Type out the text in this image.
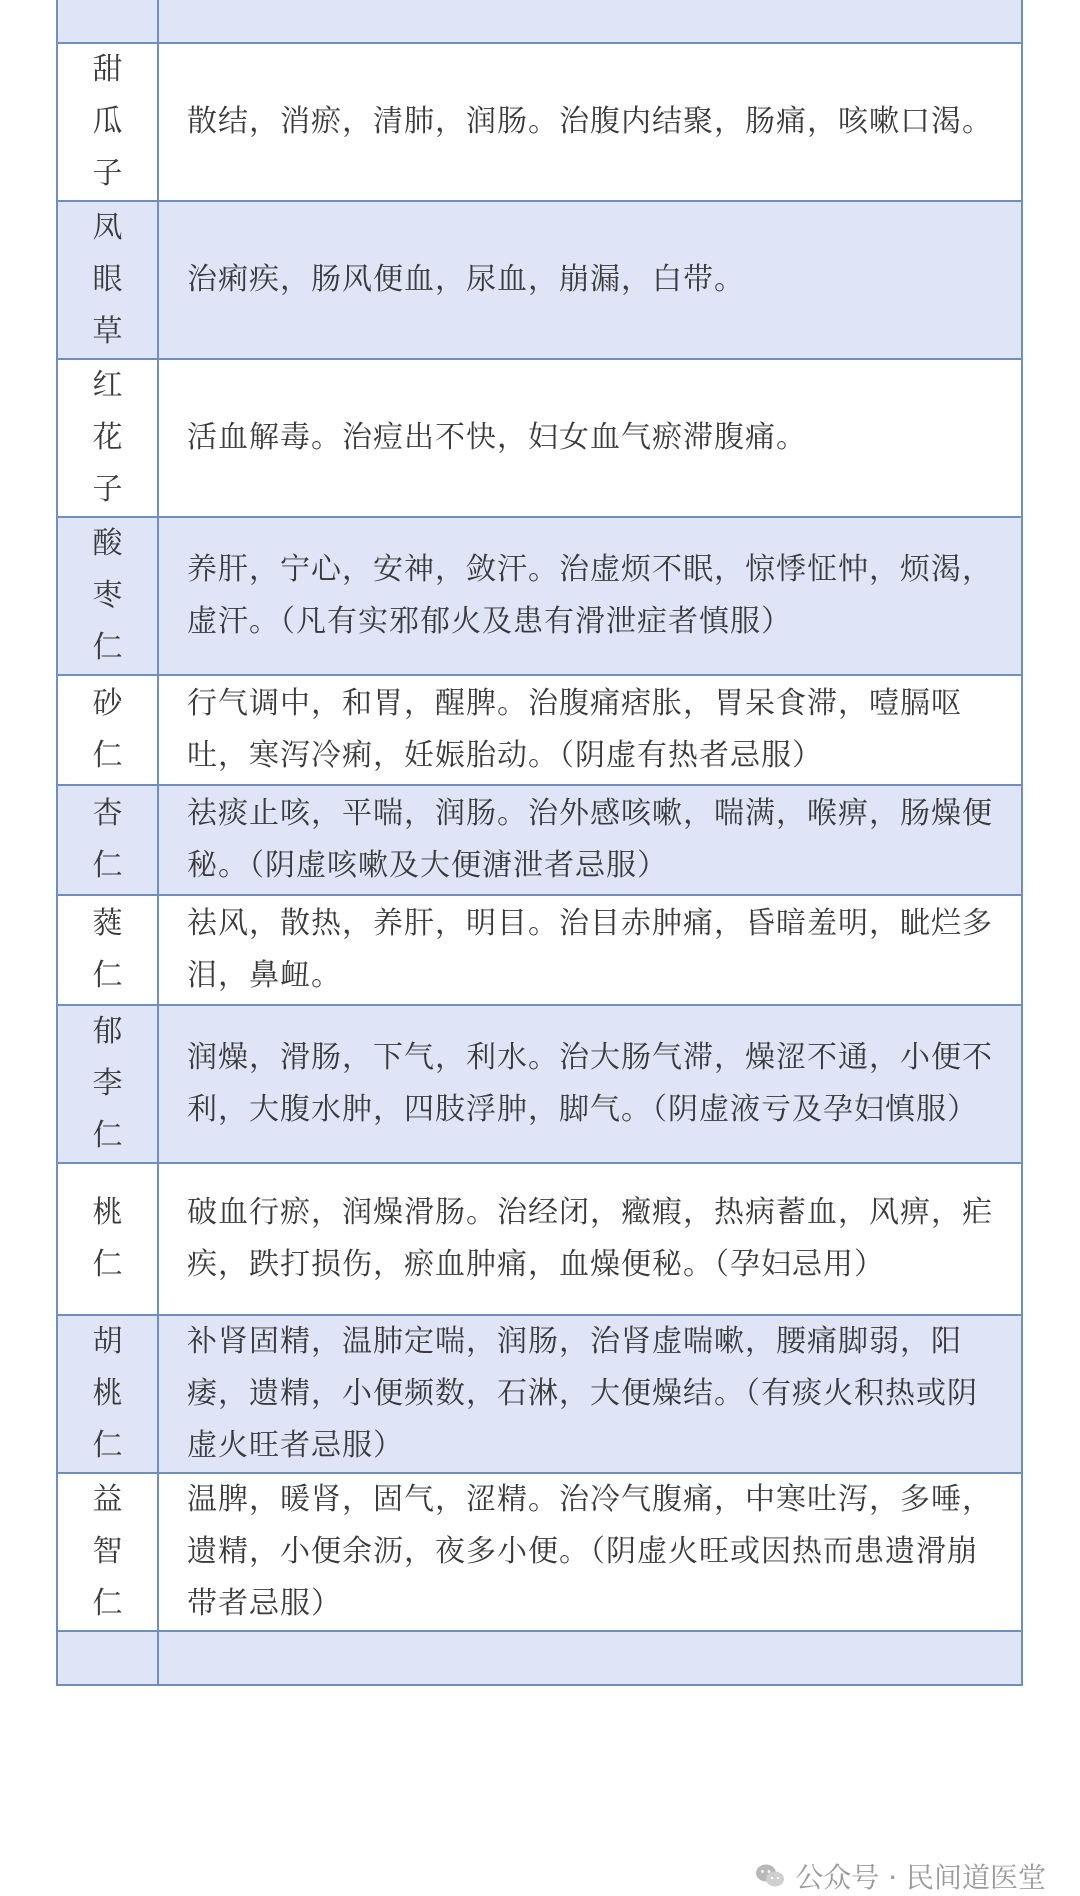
甜瓜子	散结，消瘀，清肺，润肠。治腹内结聚，肠痛，咳嗽口渴。
凤眼草	治痢疾，肠风便血，尿血，崩漏，白带。
红花子	活血解毒。治痘出不快，妇女血气瘀滞腹痛。
酸枣仁	养肝，宁心，安神，敛汗。治虚烦不眠，惊悸怔忡，烦渴，虚汗。（凡有实邪郁火及患有滑泄症者慎服）
砂仁	行气调中，和胃，醒脾。治腹痛痞胀，胃呆食滞，噎膈呕吐，寒泻冷痢，妊娠胎动。（阴虚有热者忌服）
杏仁	祛痰止咳，平喘，润肠。治外感咳嗽，喘满，喉痹，肠燥便秘。（阴虚咳嗽及大便溏泄者忌服）
蕤仁	祛风，散热，养肝，明目。治目赤肿痛，昏暗羞明，眦烂多泪，鼻衄。
郁李仁	润燥，滑肠，下气，利水。治大肠气滞，燥涩不通，小便不利，大腹水肿，四肢浮肿，脚气。（阴虚液亏及孕妇慎服）
桃仁	破血行瘀，润燥滑肠。治经闭，癥瘕，热病蓄血，风痹，疟疾，跌打损伤，瘀血肿痛，血燥便秘。（孕妇忌用）
胡桃仁	补肾固精，温肺定喘，润肠，治肾虚喘嗽，腰痛脚弱，阳痿，遗精，小便频数，石淋，大便燥结。（有痰火积热或阴虚火旺者忌服）
益智仁	温脾，暖肾，固气，涩精。治冷气腹痛，中寒吐泻，多唾，遗精，小便余沥，夜多小便。（阴虚火旺或因热而患遗滑崩带者忌服）

公众号 · 民间道医堂
